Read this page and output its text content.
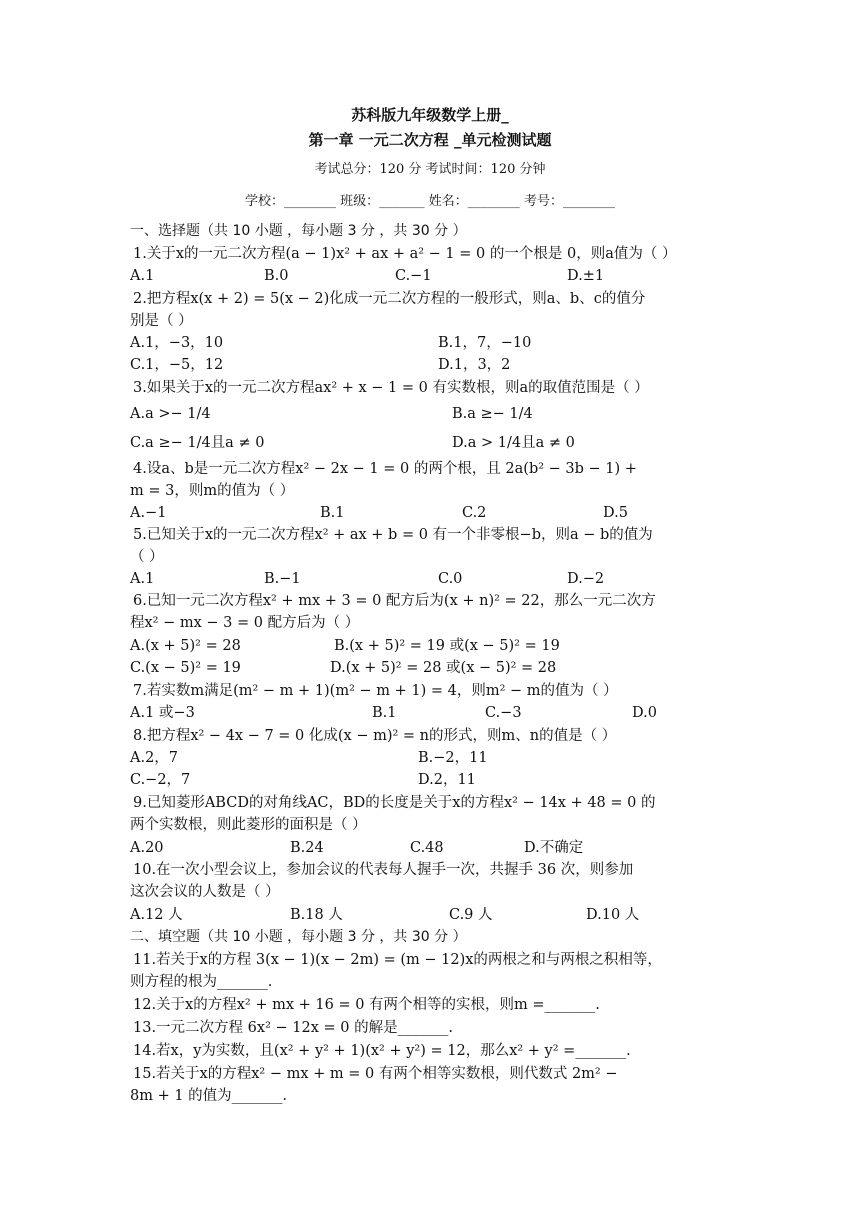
苏科版九年级数学上册_
第一章 一元二次方程 _单元检测试题
考试总分：120 分 考试时间：120 分钟
学校：________ 班级：_______ 姓名：________ 考号：________
一、选择题（共 10 小题 ，每小题 3 分 ，共 30 分 ）
1.关于x的一元二次方程(a − 1)x² + ax + a² − 1 = 0 的一个根是 0，则a值为（ ）
A.1	B.0	C.−1	D.±1
2.把方程x(x + 2) = 5(x − 2)化成一元二次方程的一般形式，则a、b、c的值分
别是（ ）
A.1，−3，10	B.1，7，−10
C.1，−5，12	D.1，3，2
3.如果关于x的一元二次方程ax² + x − 1 = 0 有实数根，则a的取值范围是（ ）
A.a >− 1/4	B.a ≥− 1/4
C.a ≥− 1/4且a ≠ 0	D.a > 1/4且a ≠ 0
4.设a、b是一元二次方程x² − 2x − 1 = 0 的两个根，且 2a(b² − 3b − 1) +
m = 3，则m的值为（ ）
A.−1	B.1	C.2	D.5
5.已知关于x的一元二次方程x² + ax + b = 0 有一个非零根−b，则a − b的值为
（ ）
A.1	B.−1	C.0	D.−2
6.已知一元二次方程x² + mx + 3 = 0 配方后为(x + n)² = 22，那么一元二次方
程x² − mx − 3 = 0 配方后为（ ）
A.(x + 5)² = 28	B.(x + 5)² = 19 或(x − 5)² = 19
C.(x − 5)² = 19	D.(x + 5)² = 28 或(x − 5)² = 28
7.若实数m满足(m² − m + 1)(m² − m + 1) = 4，则m² − m的值为（ ）
A.1 或−3	B.1	C.−3	D.0
8.把方程x² − 4x − 7 = 0 化成(x − m)² = n的形式，则m、n的值是（ ）
A.2，7	B.−2，11
C.−2，7	D.2，11
9.已知菱形ABCD的对角线AC，BD的长度是关于x的方程x² − 14x + 48 = 0 的
两个实数根，则此菱形的面积是（ ）
A.20	B.24	C.48	D.不确定
10.在一次小型会议上，参加会议的代表每人握手一次，共握手 36 次，则参加
这次会议的人数是（ ）
A.12 人	B.18 人	C.9 人	D.10 人
二、填空题（共 10 小题 ，每小题 3 分 ，共 30 分 ）
11.若关于x的方程 3(x − 1)(x − 2m) = (m − 12)x的两根之和与两根之积相等，
则方程的根为_______.
12.关于x的方程x² + mx + 16 = 0 有两个相等的实根，则m =_______.
13.一元二次方程 6x² − 12x = 0 的解是_______.
14.若x，y为实数，且(x² + y² + 1)(x² + y²) = 12，那么x² + y² =_______.
15.若关于x的方程x² − mx + m = 0 有两个相等实数根，则代数式 2m² −
8m + 1 的值为_______.
